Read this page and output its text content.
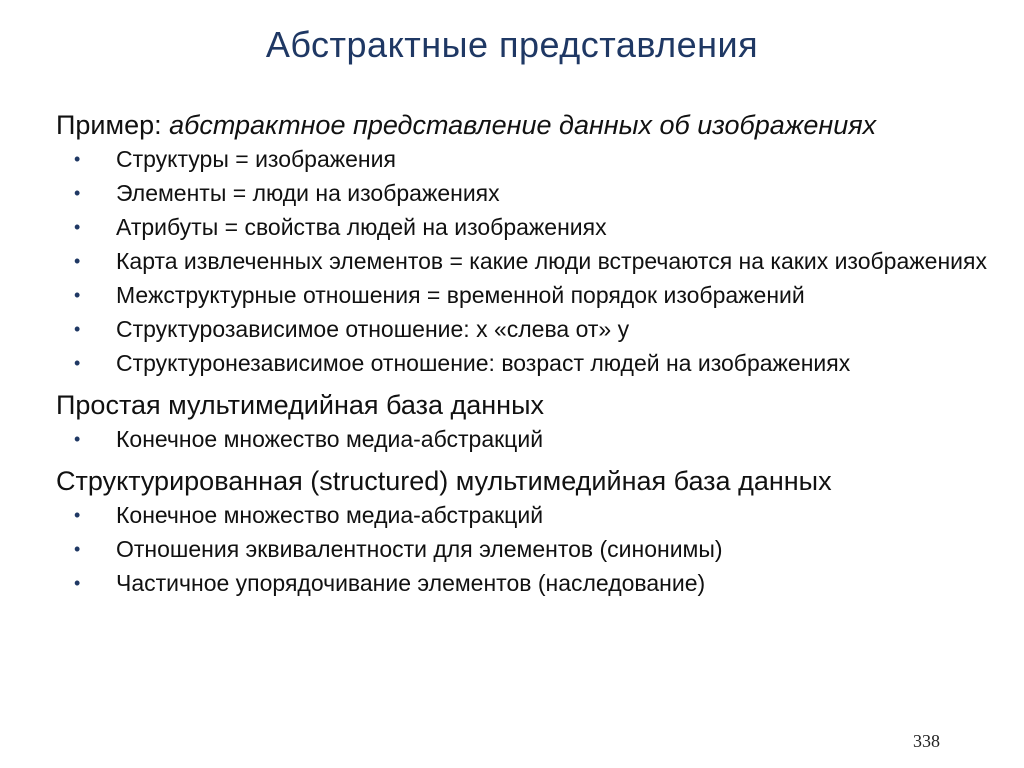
Абстрактные представления

Пример: абстрактное представление данных об изображениях

• Структуры = изображения
• Элементы = люди на изображениях
• Атрибуты = свойства людей на изображениях
• Карта извлеченных элементов = какие люди встречаются на каких изображениях
• Межструктурные отношения = временной порядок изображений
• Структурозависимое отношение: x «слева от» y
• Структуронезависимое отношение: возраст людей на изображениях

Простая мультимедийная база данных

• Конечное множество медиа-абстракций

Структурированная (structured) мультимедийная база данных

• Конечное множество медиа-абстракций
• Отношения эквивалентности для элементов (синонимы)
• Частичное упорядочивание элементов (наследование)
338
